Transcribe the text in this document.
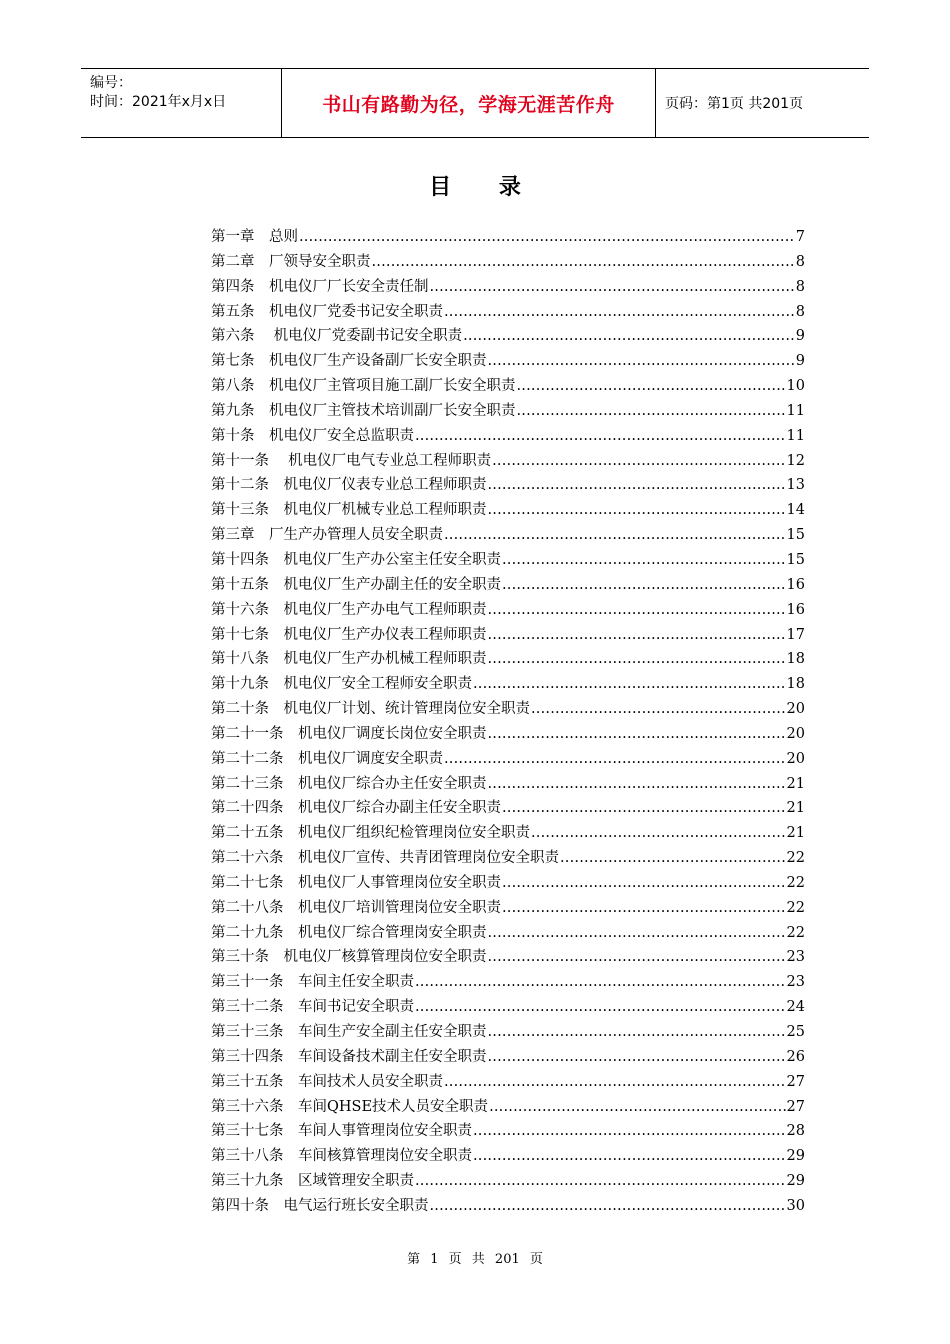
编号：
时间：2021年x月x日	书山有路勤为径，学海无涯苦作舟	页码：第1页 共201页
目 录
第一章　总则 .....	7
第二章　厂领导安全职责 .....	8
第四条　机电仪厂厂长安全责任制 .....	8
第五条　机电仪厂党委书记安全职责 .....	8
第六条　 机电仪厂党委副书记安全职责 .....	9
第七条　机电仪厂生产设备副厂长安全职责 .....	9
第八条　机电仪厂主管项目施工副厂长安全职责 .....	10
第九条　机电仪厂主管技术培训副厂长安全职责 .....	11
第十条　机电仪厂安全总监职责 .....	11
第十一条　 机电仪厂电气专业总工程师职责 .....	12
第十二条　机电仪厂仪表专业总工程师职责 .....	13
第十三条　机电仪厂机械专业总工程师职责 .....	14
第三章　厂生产办管理人员安全职责 .....	15
第十四条　机电仪厂生产办公室主任安全职责 .....	15
第十五条　机电仪厂生产办副主任的安全职责 .....	16
第十六条　机电仪厂生产办电气工程师职责 .....	16
第十七条　机电仪厂生产办仪表工程师职责 .....	17
第十八条　机电仪厂生产办机械工程师职责 .....	18
第十九条　机电仪厂安全工程师安全职责 .....	18
第二十条　机电仪厂计划、统计管理岗位安全职责 .....	20
第二十一条　机电仪厂调度长岗位安全职责 .....	20
第二十二条　机电仪厂调度安全职责 .....	20
第二十三条　机电仪厂综合办主任安全职责 .....	21
第二十四条　机电仪厂综合办副主任安全职责 .....	21
第二十五条　机电仪厂组织纪检管理岗位安全职责 .....	21
第二十六条　机电仪厂宣传、共青团管理岗位安全职责 .....	22
第二十七条　机电仪厂人事管理岗位安全职责 .....	22
第二十八条　机电仪厂培训管理岗位安全职责 .....	22
第二十九条　机电仪厂综合管理岗安全职责 .....	22
第三十条　机电仪厂核算管理岗位安全职责 .....	23
第三十一条　车间主任安全职责 .....	23
第三十二条　车间书记安全职责 .....	24
第三十三条　车间生产安全副主任安全职责 .....	25
第三十四条　车间设备技术副主任安全职责 .....	26
第三十五条　车间技术人员安全职责 .....	27
第三十六条　车间QHSE技术人员安全职责 .....	27
第三十七条　车间人事管理岗位安全职责 .....	28
第三十八条　车间核算管理岗位安全职责 .....	29
第三十九条　区域管理安全职责 .....	29
第四十条　电气运行班长安全职责 .....	30
第 1 页 共 201 页
